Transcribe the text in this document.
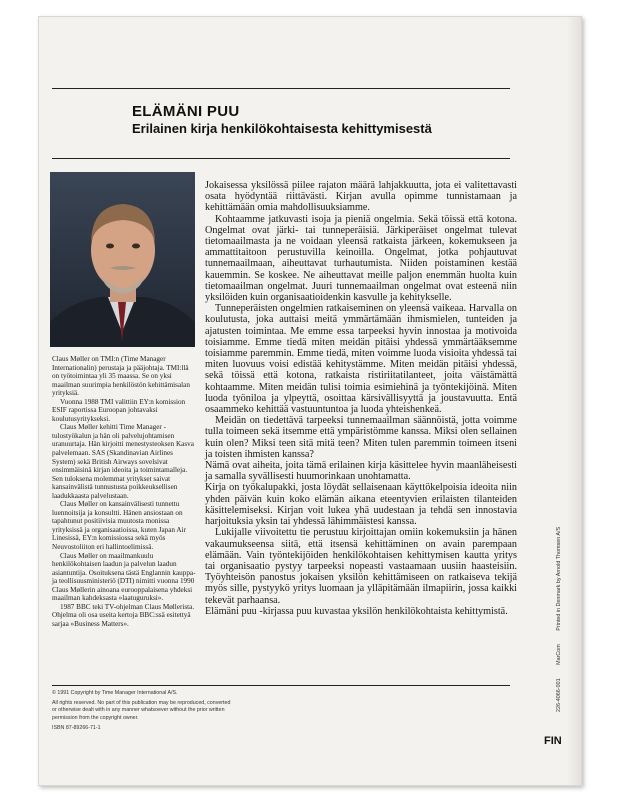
ELÄMÄNI PUU
Erilainen kirja henkilökohtaisesta kehittymisestä

Claus Møller on TMI:n (Time Manager Internationalin) perustaja ja pääjohtaja. TMI:llä on työtoimintaa yli 35 maassa. Se on yksi maailman suurimpia henkilöstön kehittämisalan yrityksiä.

Vuonna 1988 TMI valittiin EY:n komission ESIF raportissa Euroopan johtavaksi koulutusyritykseksi.

Claus Møller kehitti Time Manager -tulostyökalun ja hän oli palvelujohtamisen uranuurtaja. Hän kirjoitti menestysteoksen Kasva palvelemaan. SAS (Skandinavian Airlines System) sekä British Airways sovelsivat ensimmäisinä kirjan ideoita ja toimintamalleja. Sen tuloksena molemmat yritykset saivat kansainvälistä tunnustusta poikkeuksellisen laadukkaasta palvelustaan.

Claus Møller on kansainvälisesti tunnettu luennoitsija ja konsultti. Hänen ansiostaan on tapahtunut positiivisia muutosta monissa yrityksissä ja organisaatioissa, kuten Japan Air Linesissä, EY:n komissiossa sekä myös Neuvostoliiton eri hallintoelimissä.

Claus Møller on maailmankuulu henkilökohtaisen laadun ja palvelun laadun asiantuntija. Osoituksena tästä Englannin kauppa- ja teollisuusministeriö (DTI) nimitti vuonna 1990 Claus Møllerin ainoana eurooppalaisena yhdeksi maailman kahdeksasta »laatuguruksi».

1987 BBC teki TV-ohjelman Claus Møllerista. Ohjelma oli osa useita kertoja BBC:ssä esitettyä sarjaa »Business Matters».

Jokaisessa yksilössä piilee rajaton määrä lahjakkuutta, jota ei valitettavasti osata hyödyntää riittävästi. Kirjan avulla opimme tunnistamaan ja kehittämään omia mahdollisuuksiamme.

Kohtaamme jatkuvasti isoja ja pieniä ongelmia. Sekä töissä että kotona. Ongelmat ovat järki- tai tunneperäisiä. Järkiperäiset ongelmat tulevat tietomaailmasta ja ne voidaan yleensä ratkaista järkeen, kokemukseen ja ammattitaitoon perustuvilla keinoilla. Ongelmat, jotka pohjautuvat tunnemaailmaan, aiheuttavat turhautumista. Niiden poistaminen kestää kauemmin. Se koskee. Ne aiheuttavat meille paljon enemmän huolta kuin tietomaailman ongelmat. Juuri tunnemaailman ongelmat ovat esteenä niin yksilöiden kuin organisaatioidenkin kasvulle ja kehitykselle.

Tunneperäisten ongelmien ratkaiseminen on yleensä vaikeaa. Harvalla on koulutusta, joka auttaisi meitä ymmärtämään ihmismielen, tunteiden ja ajatusten toimintaa. Me emme essa tarpeeksi hyvin innostaa ja motivoida toisiamme. Emme tiedä miten meidän pitäisi yhdessä ymmärtääksemme toisiamme paremmin. Emme tiedä, miten voimme luoda visioita yhdessä tai miten luovuus voisi edistää kehitystämme. Miten meidän pitäisi yhdessä, sekä töissä että kotona, ratkaista ristiriitatilanteet, joita väistämättä kohtaamme. Miten meidän tulisi toimia esimiehinä ja työntekijöinä. Miten luoda työniloa ja ylpeyttä, osoittaa kärsivällisyyttä ja joustavuutta. Entä osaammeko kehittää vastuuntuntoa ja luoda yhteishenkeä.

Meidän on tiedettävä tarpeeksi tunnemaailman säännöistä, jotta voimme tulla toimeen sekä itsemme että ympäristömme kanssa. Miksi olen sellainen kuin olen? Miksi teen sitä mitä teen? Miten tulen paremmin toimeen itseni ja toisten ihmisten kanssa?

Nämä ovat aiheita, joita tämä erilainen kirja käsittelee hyvin maanläheisesti ja samalla syvällisesti huumorinkaan unohtamatta.

Kirja on työkalupakki, josta löydät sellaisenaan käyttökelpoisia ideoita niin yhden päivän kuin koko elämän aikana eteentyvien erilaisten tilanteiden käsittelemiseksi. Kirjan voit lukea yhä uudestaan ja tehdä sen innostavia harjoituksia yksin tai yhdessä lähimmäistesi kanssa.

Lukijalle viivoitettu tie perustuu kirjoittajan omiin kokemuksiin ja hänen vakaumukseensa siitä, että itsensä kehittäminen on avain parempaan elämään. Vain työntekijöiden henkilökohtaisen kehittymisen kautta yritys tai organisaatio pystyy tarpeeksi nopeasti vastaamaan uusiin haasteisiin. Työyhteisön panostus jokaisen yksilön kehittämiseen on ratkaiseva tekijä myös sille, pystyykö yritys luomaan ja ylläpitämään ilmapiirin, jossa kaikki tekevät parhaansa.

Elämäni puu -kirjassa puu kuvastaa yksilön henkilökohtaista kehittymistä.

© 1991 Copyright by Time Manager International A/S.

All rights reserved. No part of this publication may be reproduced, converted or otherwise dealt with in any manner whatsoever without the prior written permission from the copyright owner.

ISBN 87-89266-71-1

226-4066-001 MarCom Printed in Denmark by Arnold Thomsen A/S
FIN
